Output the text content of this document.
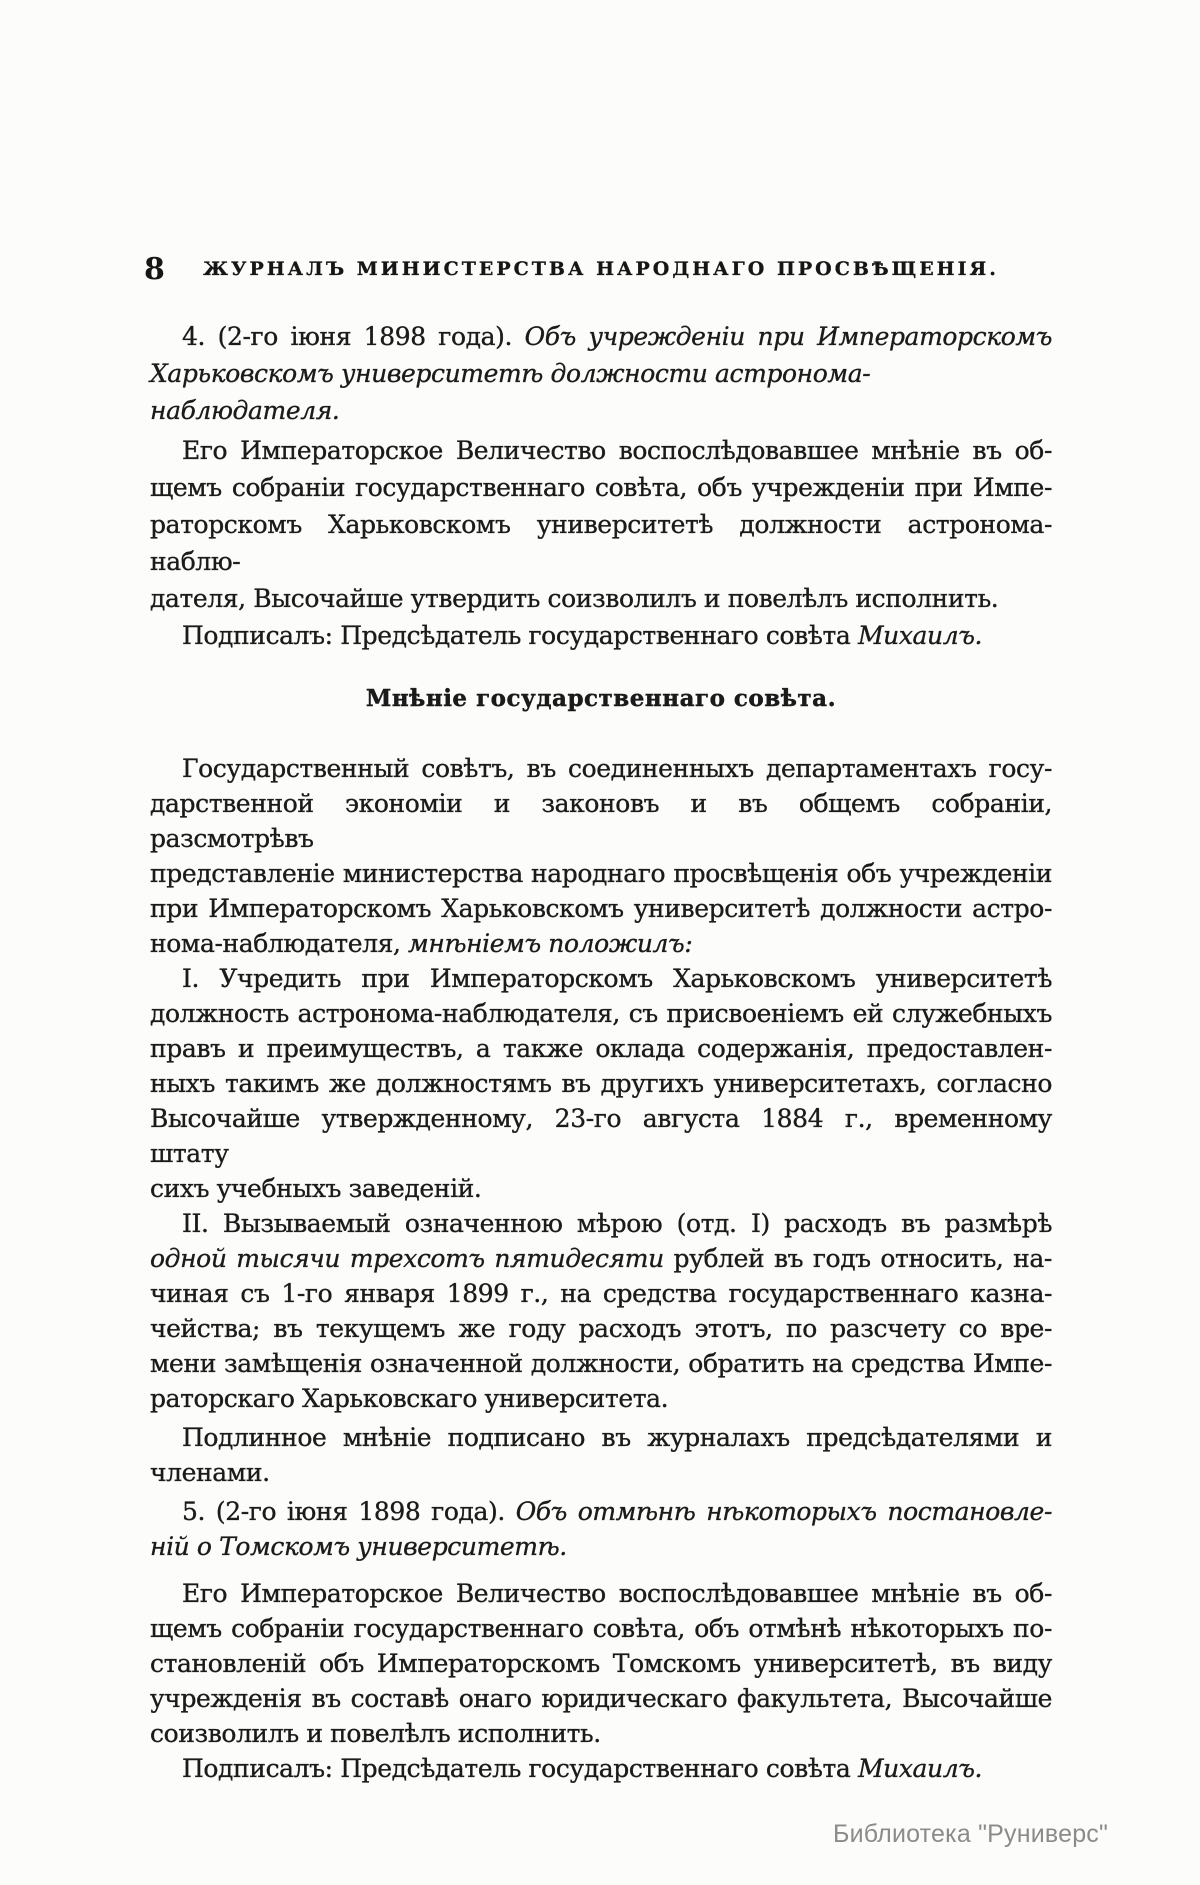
8	ЖУРНАЛЪ МИНИСТЕРСТВА НАРОДНАГО ПРОСВѢЩЕНІЯ.
4. (2-го іюня 1898 года). Объ учрежденіи при Императорскомъ
Харьковскомъ университетѣ должности астронома-наблюдателя.
Его Императорское Величество воспослѣдовавшее мнѣніе въ об-
щемъ собраніи государственнаго совѣта, объ учрежденіи при Импе-
раторскомъ Харьковскомъ университетѣ должности астронома-наблю-
дателя, Высочайше утвердить соизволилъ и повелѣлъ исполнить.
Подписалъ: Предсѣдатель государственнаго совѣта Михаилъ.
Мнѣніе государственнаго совѣта.
Государственный совѣтъ, въ соединенныхъ департаментахъ госу-
дарственной экономіи и законовъ и въ общемъ собраніи, разсмотрѣвъ
представленіе министерства народнаго просвѣщенія объ учрежденіи
при Императорскомъ Харьковскомъ университетѣ должности астро-
нома-наблюдателя, мнѣніемъ положилъ:
I. Учредить при Императорскомъ Харьковскомъ университетѣ
должность астронома-наблюдателя, съ присвоеніемъ ей служебныхъ
правъ и преимуществъ, а также оклада содержанія, предоставлен-
ныхъ такимъ же должностямъ въ другихъ университетахъ, согласно
Высочайше утвержденному, 23-го августа 1884 г., временному штату
сихъ учебныхъ заведеній.
II. Вызываемый означенною мѣрою (отд. I) расходъ въ размѣрѣ
одной тысячи трехсотъ пятидесяти рублей въ годъ относить, на-
чиная съ 1-го января 1899 г., на средства государственнаго казна-
чейства; въ текущемъ же году расходъ этотъ, по разсчету со вре-
мени замѣщенія означенной должности, обратить на средства Импе-
раторскаго Харьковскаго университета.
Подлинное мнѣніе подписано въ журналахъ предсѣдателями и
членами.
5. (2-го іюня 1898 года). Объ отмѣнѣ нѣкоторыхъ постановле-
ній о Томскомъ университетѣ.
Его Императорское Величество воспослѣдовавшее мнѣніе въ об-
щемъ собраніи государственнаго совѣта, объ отмѣнѣ нѣкоторыхъ по-
становленій объ Императорскомъ Томскомъ университетѣ, въ виду
учрежденія въ составѣ онаго юридическаго факультета, Высочайше
соизволилъ и повелѣлъ исполнить.
Подписалъ: Предсѣдатель государственнаго совѣта Михаилъ.
Библиотека "Руниверс"
